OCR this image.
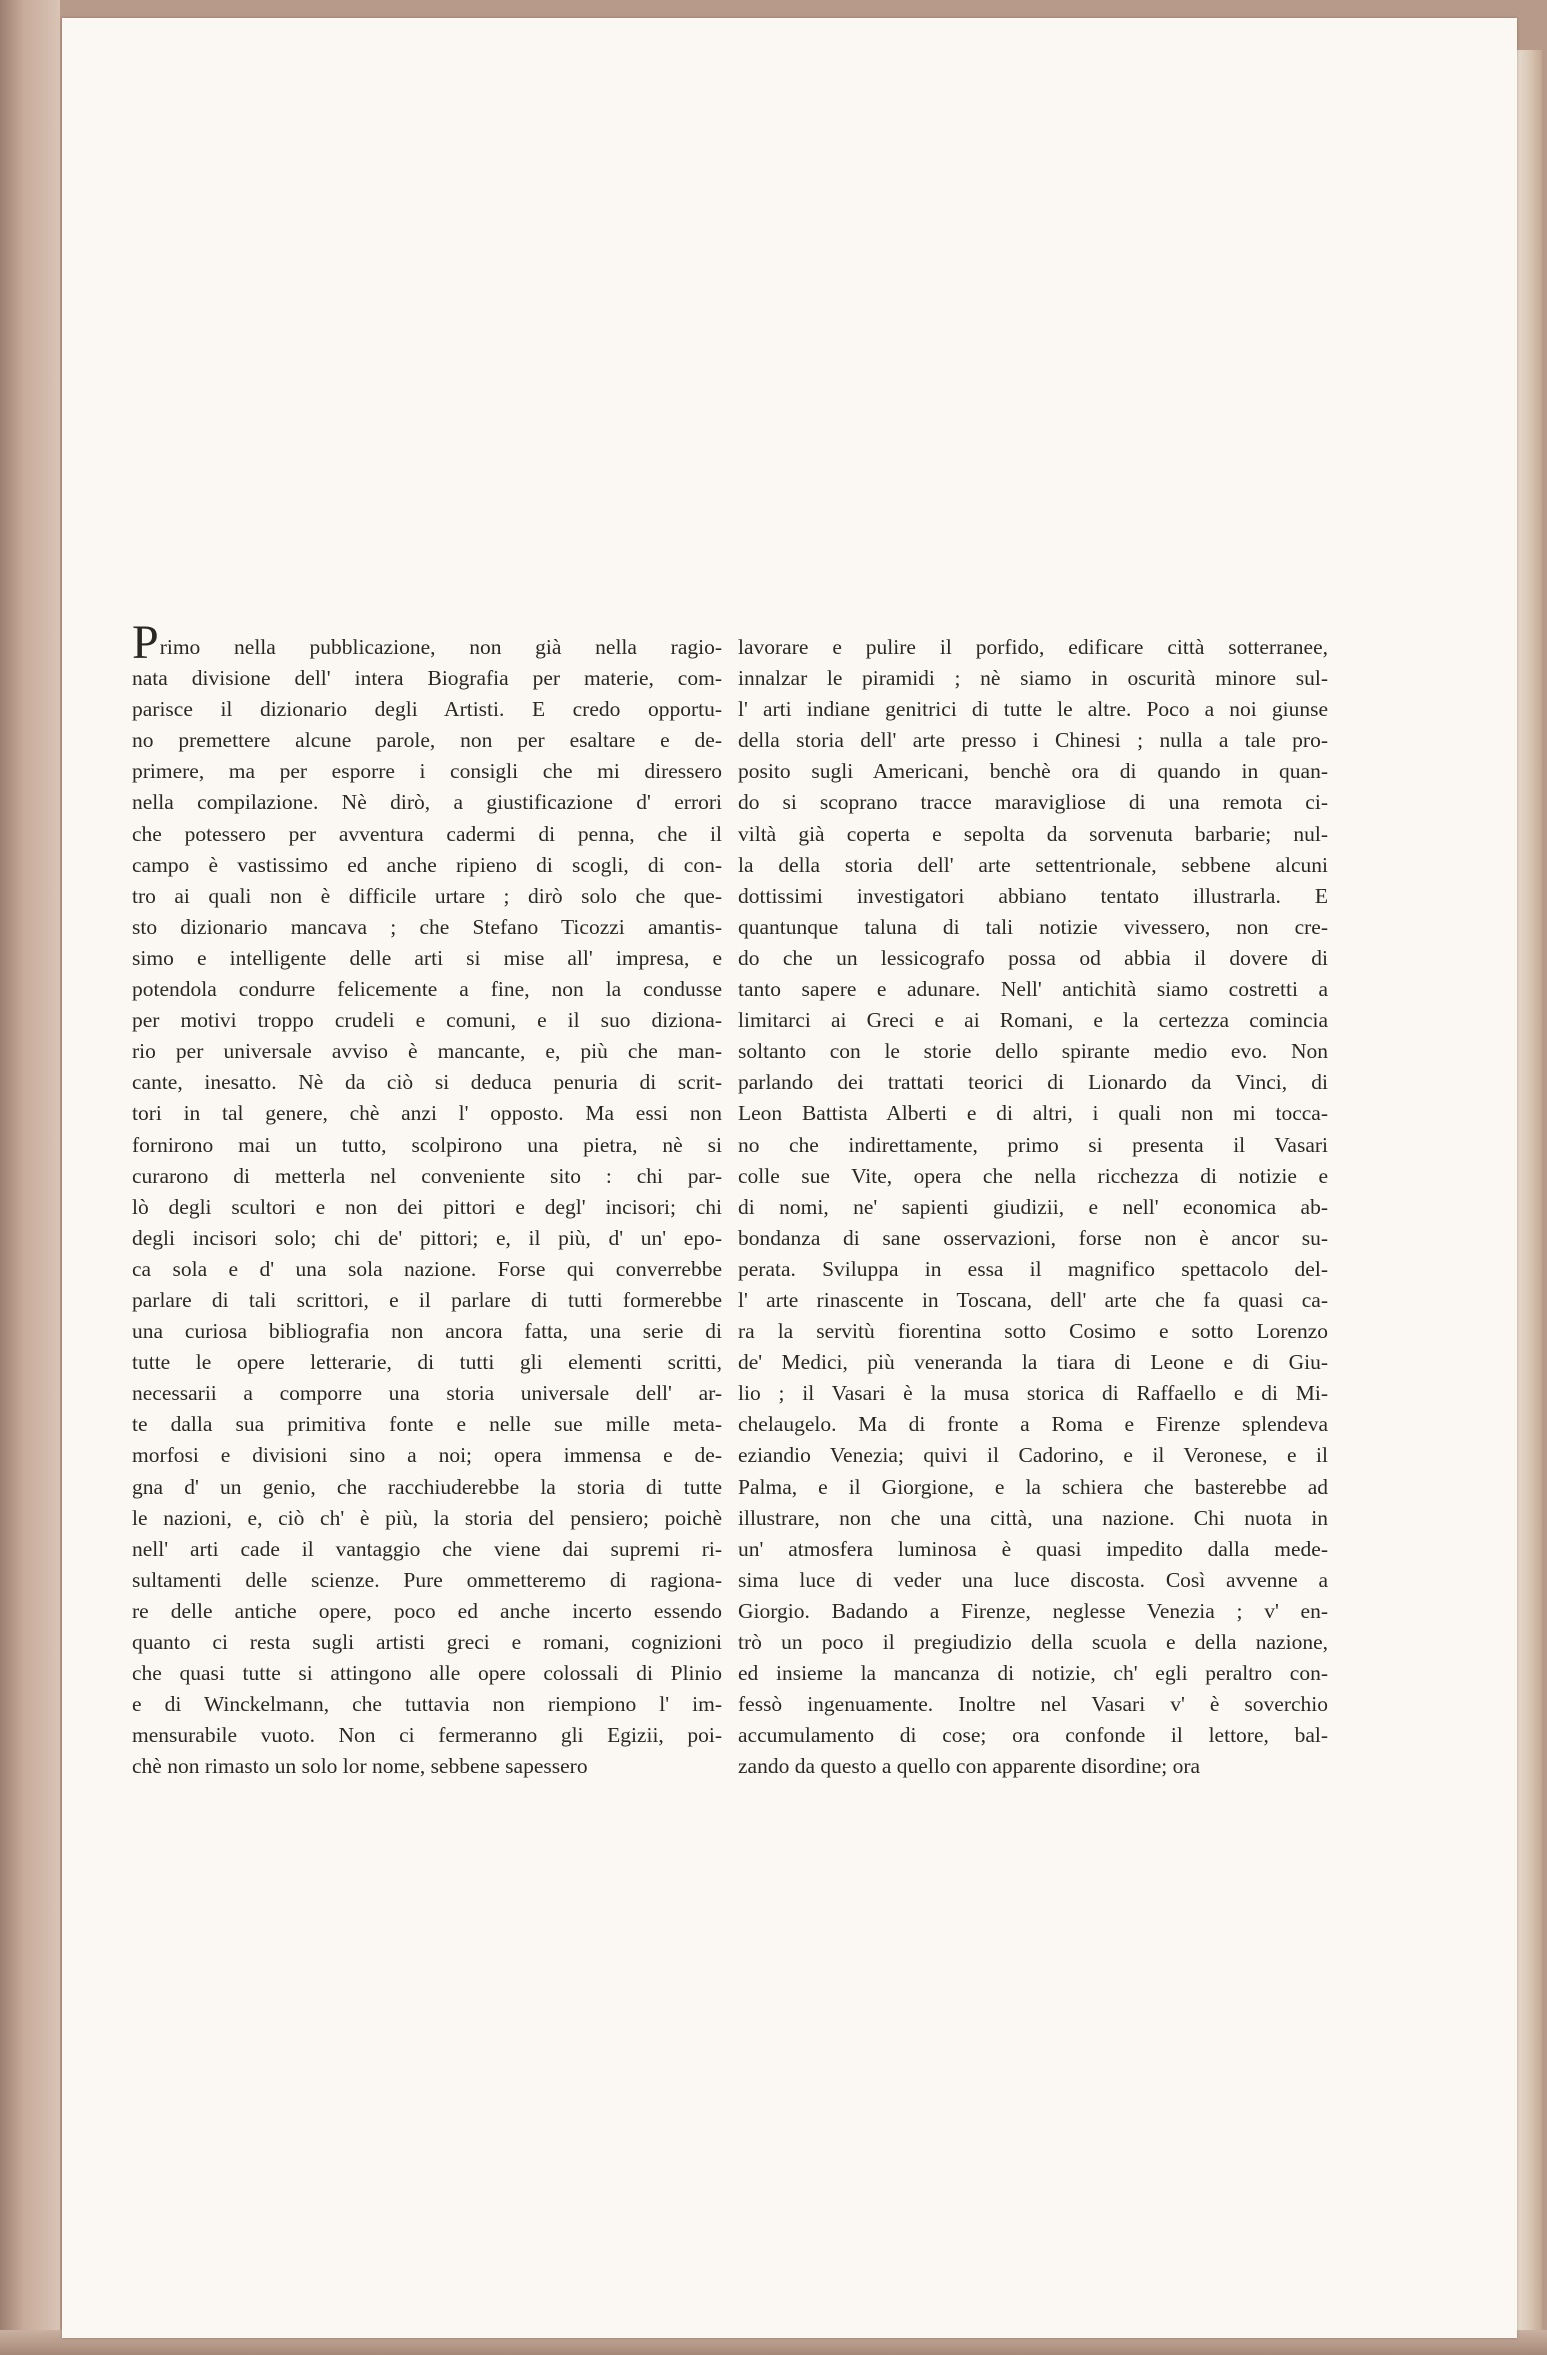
Primo nella pubblicazione, non già nella ragio-
nata divisione dell' intera Biografia per materie, com-
parisce il dizionario degli Artisti. E credo opportu-
no premettere alcune parole, non per esaltare e de-
primere, ma per esporre i consigli che mi diressero
nella compilazione. Nè dirò, a giustificazione d' errori
che potessero per avventura cadermi di penna, che il
campo è vastissimo ed anche ripieno di scogli, di con-
tro ai quali non è difficile urtare ; dirò solo che que-
sto dizionario mancava ; che Stefano Ticozzi amantis-
simo e intelligente delle arti si mise all' impresa, e
potendola condurre felicemente a fine, non la condusse
per motivi troppo crudeli e comuni, e il suo diziona-
rio per universale avviso è mancante, e, più che man-
cante, inesatto. Nè da ciò si deduca penuria di scrit-
tori in tal genere, chè anzi l' opposto. Ma essi non
fornirono mai un tutto, scolpirono una pietra, nè si
curarono di metterla nel conveniente sito : chi par-
lò degli scultori e non dei pittori e degl' incisori; chi
degli incisori solo; chi de' pittori; e, il più, d' un' epo-
ca sola e d' una sola nazione. Forse qui converrebbe
parlare di tali scrittori, e il parlare di tutti formerebbe
una curiosa bibliografia non ancora fatta, una serie di
tutte le opere letterarie, di tutti gli elementi scritti,
necessarii a comporre una storia universale dell' ar-
te dalla sua primitiva fonte e nelle sue mille meta-
morfosi e divisioni sino a noi; opera immensa e de-
gna d' un genio, che racchiuderebbe la storia di tutte
le nazioni, e, ciò ch' è più, la storia del pensiero; poichè
nell' arti cade il vantaggio che viene dai supremi ri-
sultamenti delle scienze. Pure ommetteremo di ragiona-
re delle antiche opere, poco ed anche incerto essendo
quanto ci resta sugli artisti greci e romani, cognizioni
che quasi tutte si attingono alle opere colossali di Plinio
e di Winckelmann, che tuttavia non riempiono l' im-
mensurabile vuoto. Non ci fermeranno gli Egizii, poi-
chè non rimasto un solo lor nome, sebbene sapessero
lavorare e pulire il porfido, edificare città sotterranee,
innalzar le piramidi ; nè siamo in oscurità minore sul-
l' arti indiane genitrici di tutte le altre. Poco a noi giunse
della storia dell' arte presso i Chinesi ; nulla a tale pro-
posito sugli Americani, benchè ora di quando in quan-
do si scoprano tracce maravigliose di una remota ci-
viltà già coperta e sepolta da sorvenuta barbarie; nul-
la della storia dell' arte settentrionale, sebbene alcuni
dottissimi investigatori abbiano tentato illustrarla. E
quantunque taluna di tali notizie vivessero, non cre-
do che un lessicografo possa od abbia il dovere di
tanto sapere e adunare. Nell' antichità siamo costretti a
limitarci ai Greci e ai Romani, e la certezza comincia
soltanto con le storie dello spirante medio evo. Non
parlando dei trattati teorici di Lionardo da Vinci, di
Leon Battista Alberti e di altri, i quali non mi tocca-
no che indirettamente, primo si presenta il Vasari
colle sue Vite, opera che nella ricchezza di notizie e
di nomi, ne' sapienti giudizii, e nell' economica ab-
bondanza di sane osservazioni, forse non è ancor su-
perata. Sviluppa in essa il magnifico spettacolo del-
l' arte rinascente in Toscana, dell' arte che fa quasi ca-
ra la servitù fiorentina sotto Cosimo e sotto Lorenzo
de' Medici, più veneranda la tiara di Leone e di Giu-
lio ; il Vasari è la musa storica di Raffaello e di Mi-
chelaugelo. Ma di fronte a Roma e Firenze splendeva
eziandio Venezia; quivi il Cadorino, e il Veronese, e il
Palma, e il Giorgione, e la schiera che basterebbe ad
illustrare, non che una città, una nazione. Chi nuota in
un' atmosfera luminosa è quasi impedito dalla mede-
sima luce di veder una luce discosta. Così avvenne a
Giorgio. Badando a Firenze, neglesse Venezia ; v' en-
trò un poco il pregiudizio della scuola e della nazione,
ed insieme la mancanza di notizie, ch' egli peraltro con-
fessò ingenuamente. Inoltre nel Vasari v' è soverchio
accumulamento di cose; ora confonde il lettore, bal-
zando da questo a quello con apparente disordine; ora
